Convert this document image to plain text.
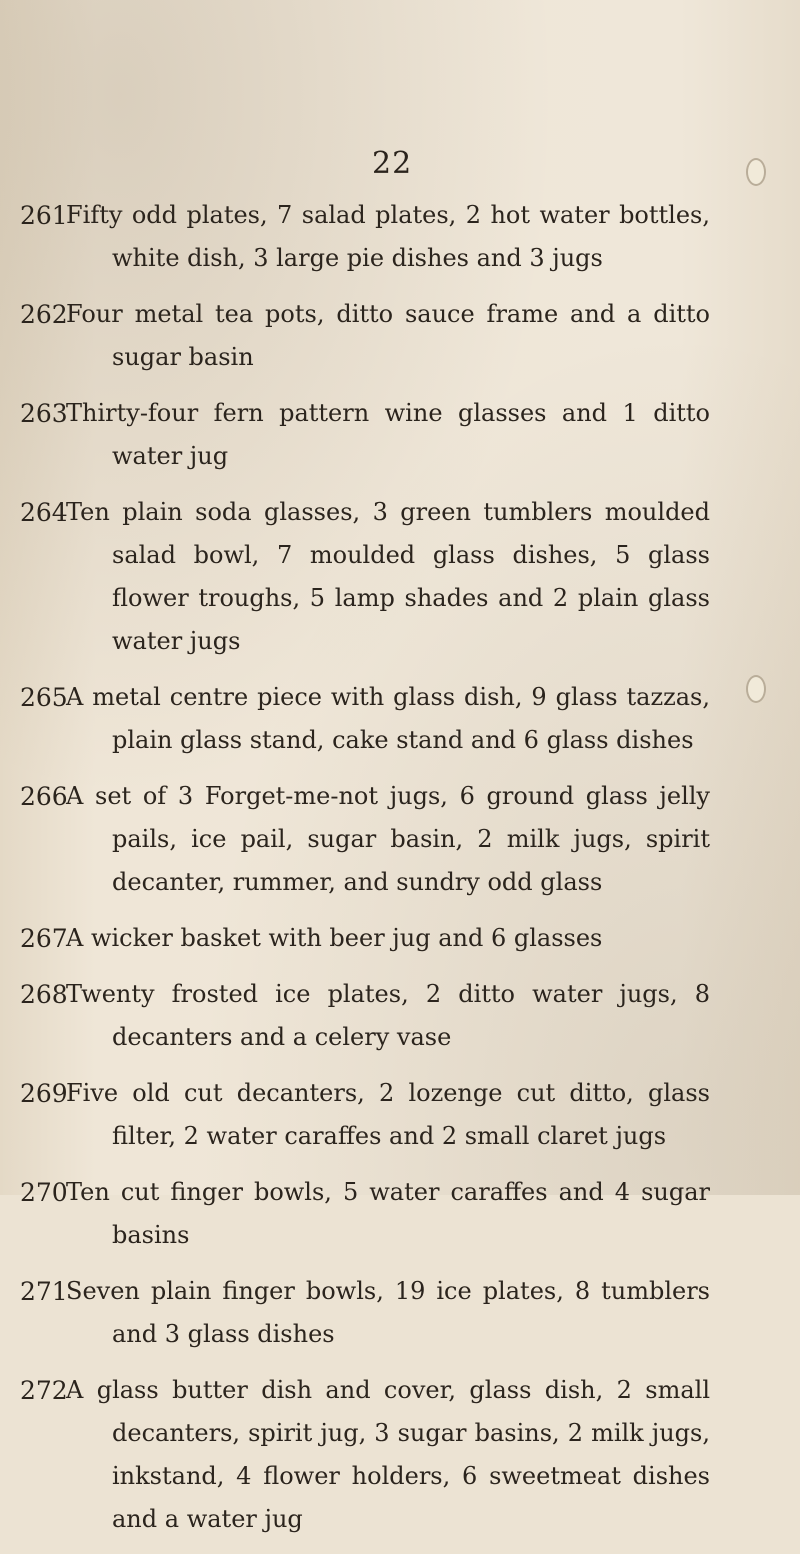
22
261
Fifty odd plates, 7 salad plates, 2 hot water bottles, white dish, 3 large pie dishes and 3 jugs
262
Four metal tea pots, ditto sauce frame and a ditto sugar basin
263
Thirty-four fern pattern wine glasses and 1 ditto water jug
264
Ten plain soda glasses, 3 green tumblers moulded salad bowl, 7 moulded glass dishes, 5 glass flower troughs, 5 lamp shades and 2 plain glass water jugs
265
A metal centre piece with glass dish, 9 glass tazzas, plain glass stand, cake stand and 6 glass dishes
266
A set of 3 Forget-me-not jugs, 6 ground glass jelly pails, ice pail, sugar basin, 2 milk jugs, spirit decanter, rummer, and sundry odd glass
267
A wicker basket with beer jug and 6 glasses
268
Twenty frosted ice plates, 2 ditto water jugs, 8 decanters and a celery vase
269
Five old cut decanters, 2 lozenge cut ditto, glass filter, 2 water caraffes and 2 small claret jugs
270
Ten cut finger bowls, 5 water caraffes and 4 sugar basins
271
Seven plain finger bowls, 19 ice plates, 8 tumblers and 3 glass dishes
272
A glass butter dish and cover, glass dish, 2 small decanters, spirit jug, 3 sugar basins, 2 milk jugs, inkstand, 4 flower holders, 6 sweetmeat dishes and a water jug
